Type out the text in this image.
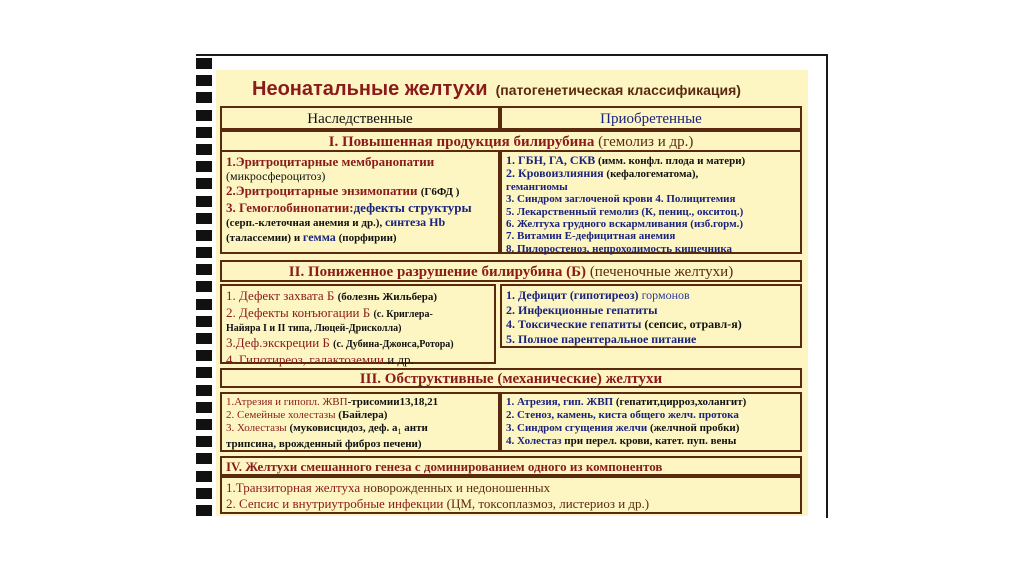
Неонатальные желтухи (патогенетическая классификация)
Наследственные	Приобретенные
I. Повышенная продукция билирубина (гемолиз и др.)
1.Эритроцитарные мембранопатии
(микросфероцитоз)
2.Эритроцитарные энзимопатии (Г6ФД )
3. Гемоглобинопатии:дефекты структуры
(серп.-клеточная анемия и др.), синтеза Hb
(талассемии) и гемма (порфирии)
1. ГБН, ГА, СКВ (имм. конфл. плода и матери)
2. Кровоизлияния (кефалогематома),
гемангиомы
3. Синдром заглоченой крови 4. Полицитемия
5. Лекарственный гемолиз (К, пениц., окситоц.)
6. Желтуха грудного вскармливания (изб.горм.)
7. Витамин Е-дефицитная анемия
8. Пилоростеноз, непроходимость кишечника
II. Пониженное разрушение билирубина (Б) (печеночные желтухи)
1. Дефект захвата Б (болезнь Жильбера)
2. Дефекты конъюгации Б (с. Криглера-
Найяра I и II типа, Люцей-Дрисколла)
3.Деф.экскреции Б (с. Дубина-Джонса,Ротора)
4. Гипотиреоз, галактоземии и др.
1. Дефицит (гипотиреоз) гормонов
2. Инфекционные гепатиты
4. Токсические гепатиты (сепсис, отравл-я)
5. Полное парентеральное питание
III. Обструктивные (механические) желтухи
1.Атрезия и гипопл. ЖВП-трисомии13,18,21
2. Семейные холестазы (Байлера)
3. Холестазы (муковисцидоз, деф. $а_1$ анти
трипсина, врожденный фиброз печени)
1. Атрезия, гип. ЖВП (гепатит,цирроз,холангит)
2. Стеноз, камень, киста общего желч. протока
3. Синдром сгущения желчи (желчной пробки)
4. Холестаз при перел. крови, катет. пуп. вены
IV. Желтухи смешанного генеза с доминированием одного из компонентов
1.Транзиторная желтуха новорожденных и недоношенных
2. Сепсис и внутриутробные инфекции (ЦМ, токсоплазмоз, листериоз и др.)
